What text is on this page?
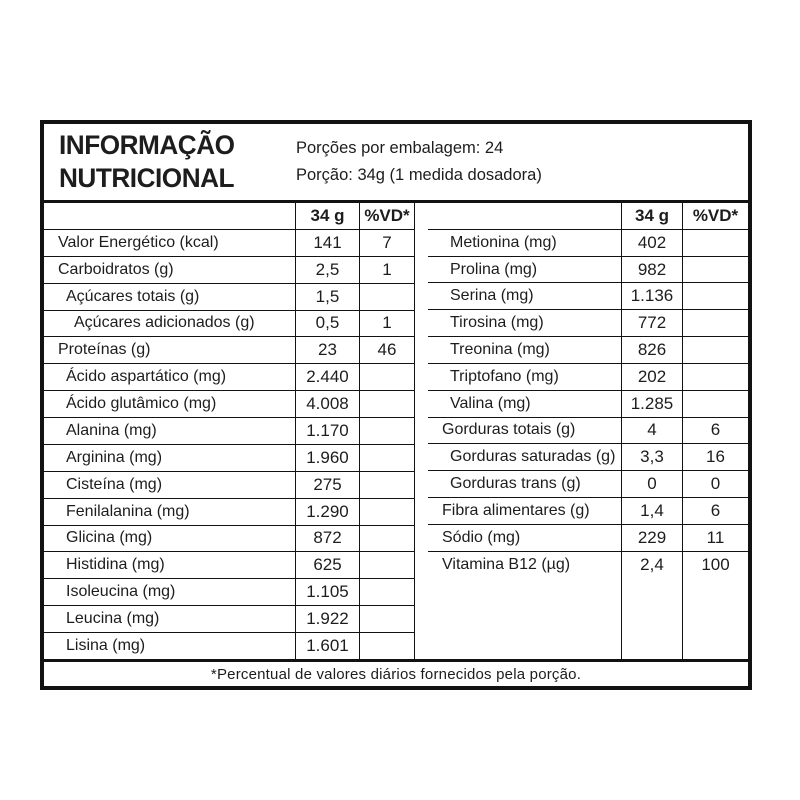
INFORMAÇÃO
NUTRICIONAL
Porções por embalagem: 24
Porção: 34g (1 medida dosadora)
34 g	%VD*
Valor Energético (kcal)	141	7
Carboidratos (g)	2,5	1
Açúcares totais (g)	1,5
Açúcares adicionados (g)	0,5	1
Proteínas (g)	23	46
Ácido aspartático (mg)	2.440
Ácido glutâmico (mg)	4.008
Alanina (mg)	1.170
Arginina (mg)	1.960
Cisteína (mg)	275
Fenilalanina (mg)	1.290
Glicina (mg)	872
Histidina (mg)	625
Isoleucina (mg)	1.105
Leucina (mg)	1.922
Lisina (mg)	1.601
34 g	%VD*
Metionina (mg)	402
Prolina (mg)	982
Serina (mg)	1.136
Tirosina (mg)	772
Treonina (mg)	826
Triptofano (mg)	202
Valina (mg)	1.285
Gorduras totais (g)	4	6
Gorduras saturadas (g)	3,3	16
Gorduras trans (g)	0	0
Fibra alimentares (g)	1,4	6
Sódio (mg)	229	11
Vitamina B12 (µg)	2,4	100
*Percentual de valores diários fornecidos pela porção.
